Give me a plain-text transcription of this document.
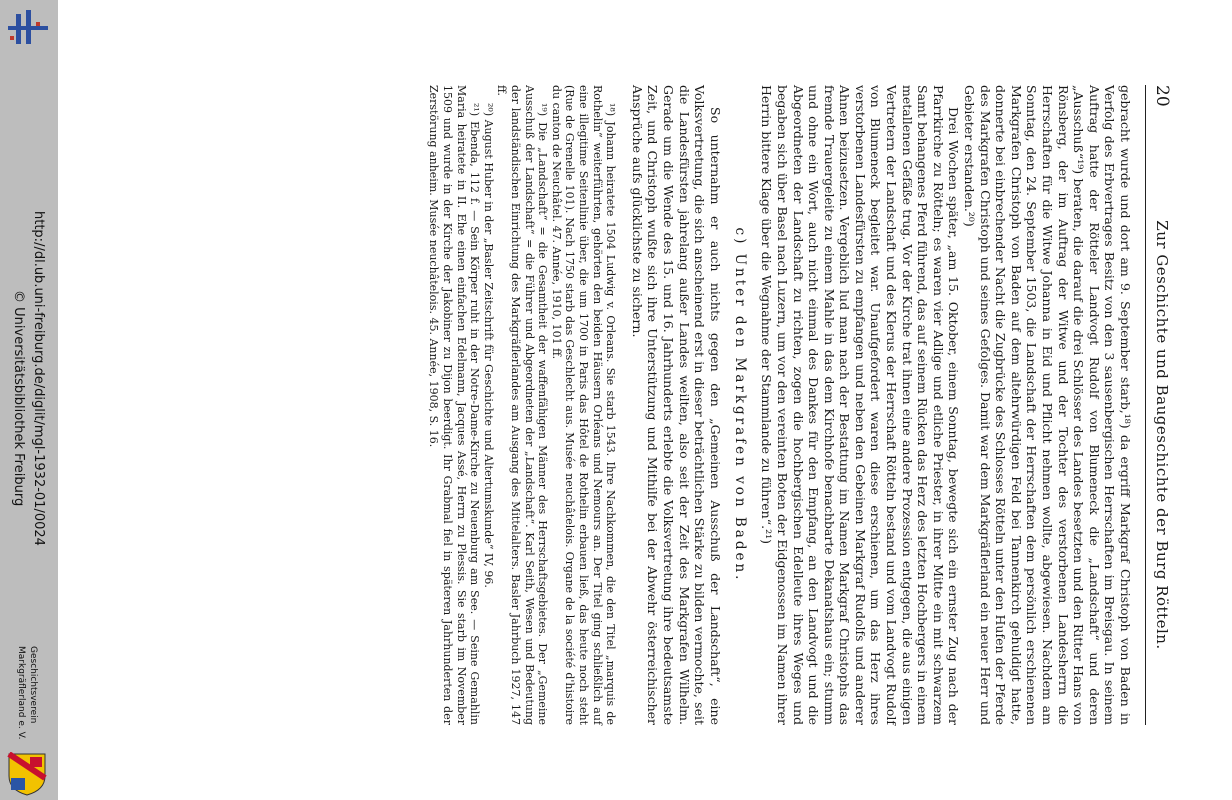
http://dl.ub.uni-freiburg.de/diglit/mgl-1932-01/0024
© Universitätsbibliothek Freiburg
Geschichtsverein
Markgräflerland e. V.
20
Zur Geschichte und Baugeschichte der Burg Rötteln.

gebracht wurde und dort am 9. September starb,¹⁸) da ergriff Markgraf Christoph von Baden in Verfolg des Erbvertrages Besitz von den 3 sausenbergischen Herrschaften im Breisgau. In seinem Auftrag hatte der Rötteler Landvogt Rudolf von Blumeneck die „Landschaft“ und deren „Ausschuß“¹⁹) beraten, die darauf die drei Schlösser des Landes besetzten und den Ritter Hans von Rönsberg, der im Auftrag der Witwe und der Tochter des verstorbenen Landesherrn die Herrschaften für die Witwe Johanna in Eid und Pflicht nehmen wollte, abgewiesen. Nachdem am Sonntag, den 24. September 1503, die Landschaft der Herrschaften dem persönlich erschienenen Markgrafen Christoph von Baden auf dem altehrwürdigen Feld bei Tannenkirch gehuldigt hatte, donnerte bei einbrechender Nacht die Zugbrücke des Schlosses Rötteln unter den Hufen der Pferde des Markgrafen Christoph und seines Gefolges. Damit war dem Markgräflerland ein neuer Herr und Gebieter erstanden.²⁰)

Drei Wochen später, „am 15. Oktober, einem Sonntag, bewegte sich ein ernster Zug nach der Pfarrkirche zu Rötteln; es waren vier Adlige und etliche Priester, in ihrer Mitte ein mit schwarzem Samt behangenes Pferd führend, das auf seinem Rücken das Herz des letzten Hochbergers in einem metallenen Gefäße trug. Vor der Kirche trat ihnen eine andere Prozession entgegen, die aus einigen Vertretern der Landschaft und des Klerus der Herrschaft Rötteln bestand und vom Landvogt Rudolf von Blumeneck begleitet war. Unaufgefordert waren diese erschienen, um das Herz ihres verstorbenen Landesfürsten zu empfangen und neben den Gebeinen Markgraf Rudolfs und anderer Ahnen beizusetzen. Vergeblich lud man nach der Bestattung im Namen Markgraf Christophs das fremde Trauergeleite zu einem Mahle in das dem Kirchhofe benachbarte Dekanatshaus ein; stumm und ohne ein Wort, auch nicht einmal des Dankes für den Empfang, an den Landvogt und die Abgeordneten der Landschaft zu richten, zogen die hochbergischen Edelleute ihres Weges und begaben sich über Basel nach Luzern, um vor den vereinten Boten der Eidgenossen im Namen ihrer Herrin bittere Klage über die Wegnahme der Stammlande zu führen“.²¹)

c) Unter den Markgrafen von Baden.

So unternahm er auch nichts gegen den „Gemeinen Ausschuß der Landschaft“, eine Volksvertretung, die sich anscheinend erst in dieser beträchtlichen Stärke zu bilden vermochte, seit die Landesfürsten jahrelang außer Landes weilten, also seit der Zeit des Markgrafen Wilhelm. Gerade um die Wende des 15. und 16. Jahrhunderts erlebte die Volksvertretung ihre bedeutsamste Zeit, und Christoph wußte sich ihre Unterstützung und Mithilfe bei der Abwehr österreichischer Ansprüche aufs glücklichste zu sichern.

¹⁸) Johann heiratete 1504 Ludwig v. Orleans. Sie starb 1543. Ihre Nachkommen, die den Titel „marquis de Rothelin“ weiterführten, gehörten den beiden Häusern Orléans und Nemours an. Der Titel ging schließlich auf eine illegitime Seitenlinie über, die um 1700 in Paris das Hôtel de Rothelin erbauen ließ, das heute noch steht (Rue de Grenelle 101). Nach 1750 starb das Geschlecht aus. Musée neuchâtelois. Organe de la société d'histoire du canton de Neuchâtel. 47. Année, 1910, 101 ff.

¹⁹) Die „Landschaft“ = die Gesamtheit der waffenfähigen Männer des Herrschaftsgebietes. Der „Gemeine Ausschuß der Landschaft“ = die Führer und Abgeordneten der „Landschaft“. Karl Seith, Wesen und Bedeutung der landständischen Einrichtung des Markgräflerlandes am Ausgang des Mittelalters. Basler Jahrbuch 1927, 147 ff.

²⁰) August Huber in der „Basler Zeitschrift für Geschichte und Altertumskunde“ IV, 96.

²¹) Ebenda, 112 f. — Sein Körper ruht in der Notre-Dame-Kirche zu Neuenburg am See. — Seine Gemahlin Maria heiratete in II. Ehe einen einfachen Edelmann, Jacques Assé, Herrn zu Plessis. Sie starb im November 1509 und wurde in der Kirche der Jakobiner zu Dijon beerdigt. Ihr Grabmal fiel in späteren Jahrhunderten der Zerstörung anheim. Musée neuchâtelois. 45. Année, 1908, S. 16.
